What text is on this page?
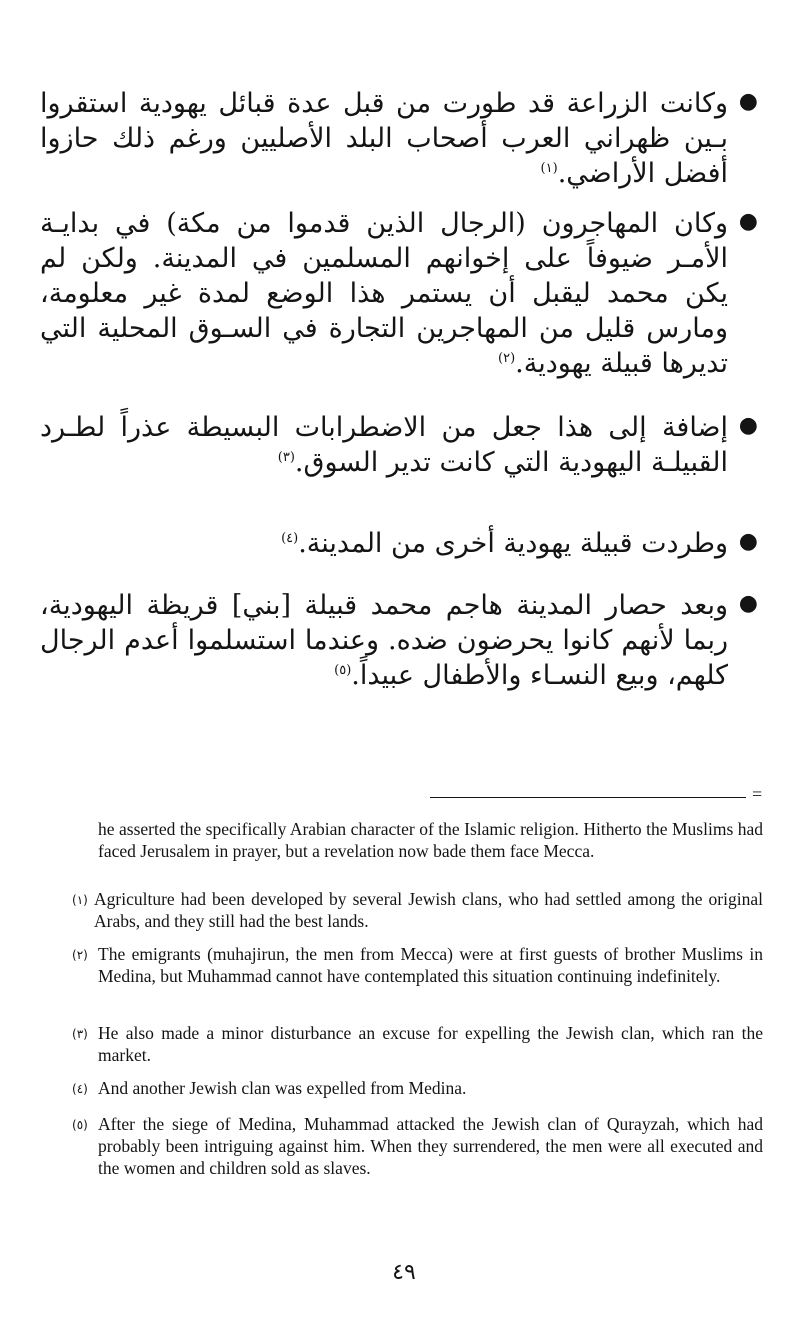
●
وكانت الزراعة قد طورت من قبل عدة قبائل يهودية استقروا بـين ظهراني العرب أصحاب البلد الأصليين ورغم ذلك حازوا أفضل الأراضي.$^{(١)}$
●
وكان المهاجرون (الرجال الذين قدموا من مكة) في بدايـة الأمـر ضيوفاً على إخوانهم المسلمين في المدينة. ولكن لم يكن محمد ليقبل أن يستمر هذا الوضع لمدة غير معلومة، ومارس قليل من المهاجرين التجارة في السـوق المحلية التي تديرها قبيلة يهودية.$^{(٢)}$
●
إضافة إلى هذا جعل من الاضطرابات البسيطة عذراً لطـرد القبيلـة اليهودية التي كانت تدير السوق.$^{(٣)}$
●
وطردت قبيلة يهودية أخرى من المدينة.$^{(٤)}$
●
وبعد حصار المدينة هاجم محمد قبيلة [بني] قريظة اليهودية، ربما لأنهم كانوا يحرضون ضده. وعندما استسلموا أعدم الرجال كلهم، وبيع النسـاء والأطفال عبيداً.$^{(٥)}$
=

he asserted the specifically Arabian character of the Islamic religion. Hitherto the Muslims had faced Jerusalem in prayer, but a revelation now bade them face Mecca.

(١) Agriculture had been developed by several Jewish clans, who had settled among the original Arabs, and they still had the best lands.

(٢) The emigrants (muhajirun, the men from Mecca) were at first guests of brother Muslims in Medina, but Muhammad cannot have contemplated this situation continuing indefinitely.

(٣) He also made a minor disturbance an excuse for expelling the Jewish clan, which ran the market.

(٤) And another Jewish clan was expelled from Medina.

(٥) After the siege of Medina, Muhammad attacked the Jewish clan of Qurayzah, which had probably been intriguing against him. When they surrendered, the men were all executed and the women and children sold as slaves.

٤٩
